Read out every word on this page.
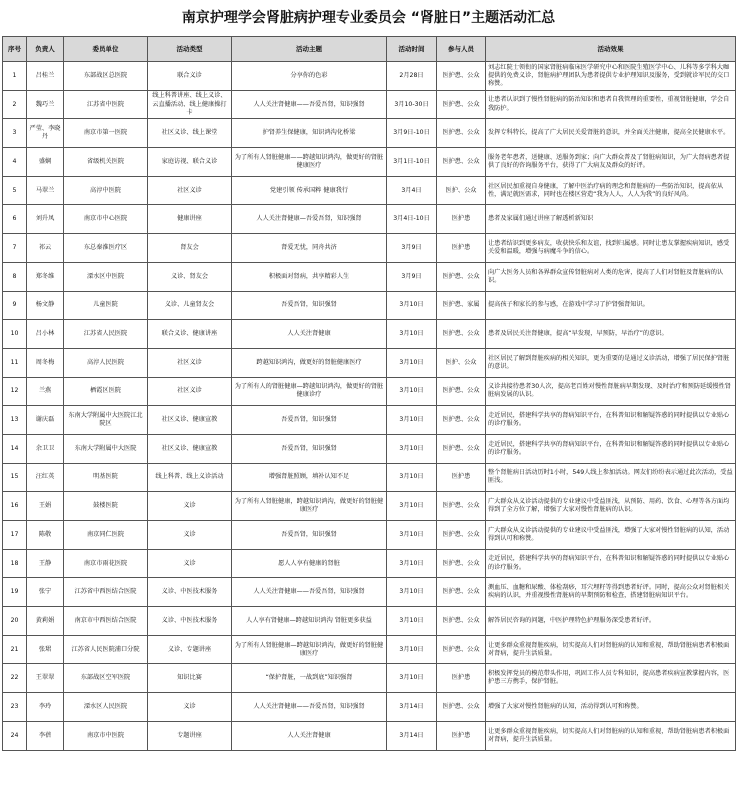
南京护理学会肾脏病护理专业委员会 “肾脏日”主题活动汇总
序号	负责人	委员单位	活动类型	活动主题	活动时间	参与人员	活动效果
1	吕桂兰	东部战区总医院	联合义诊	分享你的色彩	2月28日	医护患、公众	刘志红院士领衔的国家肾脏病临床医学研究中心和医院生殖医学中心、儿科等多学科大咖提供的免费义诊，肾脏病护理团队为患者提供专业护理知识及服务，受到就诊军民的交口称赞。
2	魏巧兰	江苏省中医院	线上科普讲座、线上义诊、云直播活动、线上健康操打卡	人人关注肾健康——吾爱吾肾，知识强肾	3月10-30日	医护患、公众	让患者认识到了慢性肾脏病的防治知识和患者自我管理的重要性，重视肾脏健康，学会自我防护。
3	严莹、李晓丹	南京市第一医院	社区义诊、线上课堂	护肾养生保健康，知识鸿沟化桥梁	3月9日-10日	医护患、公众	发挥专科特长，提高了广大居民关爱肾脏的意识，并全面关注健康，提高全民健康水平。
4	盛娴	省级机关医院	家庭访视、联合义诊	为了所有人肾脏健康——跨越知识鸿沟，做更好的肾脏健康医疗	3月1日-10日	医护患、公众	服务老年患者，送健康、送服务到家；向广大群众普及了肾脏病知识，为广大肾病患者提供了良好的咨询服务平台，获得了广大病友及群众的好评。
5	马翠兰	高淳中医院	社区义诊	党建引领 传承国粹 健康我行	3月4日	医护、公众	社区居民加重视自身健康，了解中医治疗病的理念和肾脏病的一些防治知识，提高依从性，满足就医需求，同时也在楼区营造“我为人人，人人为我”的良好风尚。
6	刘升凤	南京市中心医院	健康讲座	人人关注肾健康—吾爱吾肾，知识强肾	3月4日-10日	医护患	患者及家属们通过讲座了解透析新知识
7	祁云	东总秦淮医疗区	肾友会	肾爱无忧，同舟共济	3月9日	医护患	让患者结识到更多病友，收获快乐和友谊，找到归属感。同时让患友掌握疾病知识，感受关爱和温暖，增强与病魔斗争的信心。
8	郑冬维	溧水区中医院	义诊、肾友会	积极面对肾病，共享精彩人生	3月9日	医护患、公众	向广大医务人员和各界群众宣传肾脏病对人类的危害，提高了人们对肾脏及肾脏病的认识。
9	杨文静	儿童医院	义诊、儿童肾友会	吾爱吾肾，知识强肾	3月10日	医护患、家属	提高孩子和家长的参与感，在游戏中学习了护肾强肾知识。
10	吕小林	江苏省人民医院	联合义诊、健康讲座	人人关注肾健康	3月10日	医护患、公众	患者及居民关注肾健康，提高“早发现，早预防，早治疗”的意识。
11	周冬梅	高淳人民医院	社区义诊	跨越知识鸿沟，做更好的肾脏健康医疗	3月10日	医护、公众	社区居民了解到肾脏疾病的相关知识，更为重要的是通过义诊活动，增强了居民保护肾脏的意识。
12	兰燕	栖霞区医院	社区义诊	为了所有人的肾脏健康—跨越知识鸿沟，做更好的肾脏健康诊疗	3月10日	医护患、公众	义诊共接待患者30人次，提高老百姓对慢性肾脏病早期发现、及时治疗和预防延缓慢性肾脏病发展的认识。
13	谢庆磊	东南大学附属中大医院江北院区	社区义诊、健康宣教	吾爱吾肾，知识强肾	3月10日	医护患、公众	走近居民，搭建科学共享的肾病知识平台，在科普知识和解疑答惑的同时提供以专业贴心的诊疗服务。
14	余卫卫	东南大学附属中大医院	社区义诊、健康宣教	吾爱吾肾，知识强肾	3月10日	医护患、公众	走近居民，搭建科学共享的肾病知识平台，在科普知识和解疑答惑的同时提供以专业贴心的诊疗服务。
15	汪红英	明基医院	线上科普、线上义诊活动	增强肾脏照顾，填补认知不足	3月10日	医护患	整个肾脏病日活动历时1小时，549人线上参加活动。网友们纷纷表示通过此次活动，受益匪浅。
16	王娟	鼓楼医院	义诊	为了所有人肾脏健康，跨越知识鸿沟，做更好的肾脏健康医疗	3月10日	医护患、公众	广大群众从义诊活动提供的专业建议中受益匪浅，从预防、用药、饮食、心理等各方面均得到了全方位了解，增强了大家对慢性肾脏病的认识。
17	陈敬	南京同仁医院	义诊	吾爱吾肾，知识强肾	3月10日	医护患、公众	广大群众从义诊活动提供的专业建议中受益匪浅，增强了大家对慢性肾脏病的认知，活动得到认可和称赞。
18	王静	南京市雨花医院	义诊	愿人人享有健康的肾脏	3月10日	医护患、公众	走近居民，搭建科学共享的肾病知识平台，在科普知识和解疑答惑的同时提供以专业贴心的诊疗服务。
19	张宁	江苏省中西医结合医院	义诊、中医技术服务	人人关注肾健康——吾爱吾肾，知识强肾	3月10日	医护患、公众	测血压、血糖和尿酸、体检刮痧，耳穴埋籽等得到患者好评。同时，提高公众对肾脏相关疾病的认识，并重视慢性肾脏病的早期预防和检查，搭建肾脏病知识平台。
20	黄莉娟	南京市中西医结合医院	义诊、中医技术服务	人人享有肾健康—跨越知识鸿沟 肾脏更多获益	3月10日	医护患、公众	解答居民咨询的问题，中医护理特色护理服务深受患者好评。
21	张珺	江苏省人民医院浦口分院	义诊、专题讲座	为了所有人肾脏健康—跨越知识鸿沟，做更好的肾脏健康医疗	3月10日	医护患、公众	让更多群众重视肾脏疾病，切实提高人们对肾脏病的认知和重视，帮助肾脏病患者积极面对肾病，提升生活质量。
22	王翠翠	东部战区空军医院	知识比赛	“保护肾脏，一战到底”知识强肾	3月10日	医护患	积极发挥党员的模范带头作用，巩固工作人员专科知识，提高患者疾病宣教掌握内容，医护患三方携手，保护肾脏。
23	李玲	溧水区人民医院	义诊	人人关注肾健康——吾爱吾肾，知识强肾	3月14日	医护患、公众	增强了大家对慢性肾脏病的认知，活动得到认可和称赞。
24	李蓓	南京市中医院	专题讲座	人人关注肾健康	3月14日	医护患	让更多群众重视肾脏疾病，切实提高人们对肾脏病的认知和重视，帮助肾脏病患者积极面对肾病，提升生活质量。
